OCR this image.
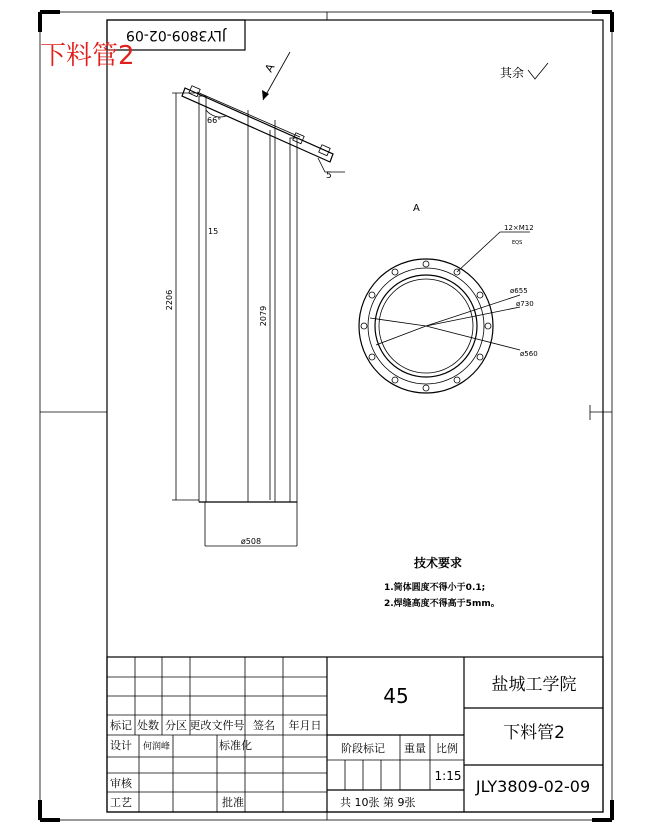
JLY3809-02-09
下料管2
其余
66°
5
A
2206
2079
15
ø508
A
12×M12
EQS
ø655
ø730
ø560
技术要求
1.筒体圆度不得小于0.1;
2.焊缝高度不得高于5mm。
标记 处数 分区 更改文件号 签名 年月日
设计 何润峰	标准化
审核
工艺	批准
45	盐城工学院
下料管2
阶段标记 重量 比例
1:15
共 10张 第 9张
JLY3809-02-09
